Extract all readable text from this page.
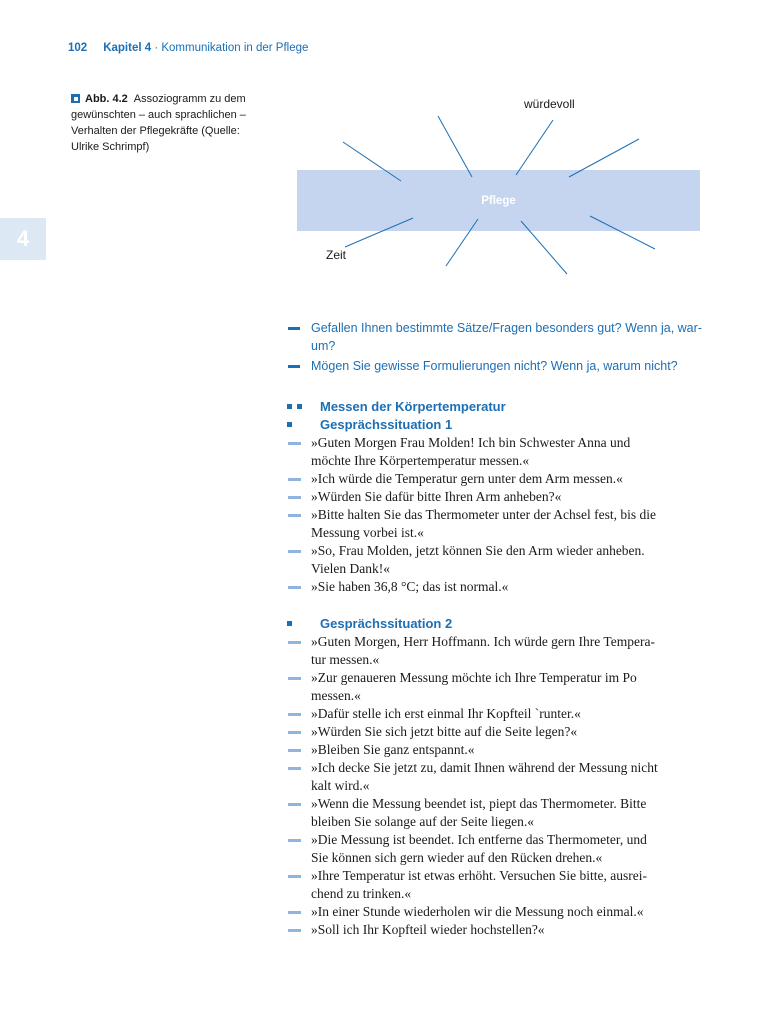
102 Kapitel 4 · Kommunikation in der Pflege
4
Abb. 4.2 Assoziogramm zu dem gewünschten – auch sprachlichen – Verhalten der Pflegekräfte (Quelle: Ulrike Schrimpf)
Pflege
würdevoll
Zeit
Gefallen Ihnen bestimmte Sätze/Fragen besonders gut? Wenn ja, war-
um?
Mögen Sie gewisse Formulierungen nicht? Wenn ja, warum nicht?
Messen der Körpertemperatur
Gesprächssituation 1
»Guten Morgen Frau Molden! Ich bin Schwester Anna und
möchte Ihre Körpertemperatur messen.«
»Ich würde die Temperatur gern unter dem Arm messen.«
»Würden Sie dafür bitte Ihren Arm anheben?«
»Bitte halten Sie das Thermometer unter der Achsel fest, bis die
Messung vorbei ist.«
»So, Frau Molden, jetzt können Sie den Arm wieder anheben.
Vielen Dank!«
»Sie haben 36,8 °C; das ist normal.«
Gesprächssituation 2
»Guten Morgen, Herr Hoffmann. Ich würde gern Ihre Tempera-
tur messen.«
»Zur genaueren Messung möchte ich Ihre Temperatur im Po
messen.«
»Dafür stelle ich erst einmal Ihr Kopfteil `runter.«
»Würden Sie sich jetzt bitte auf die Seite legen?«
»Bleiben Sie ganz entspannt.«
»Ich decke Sie jetzt zu, damit Ihnen während der Messung nicht
kalt wird.«
»Wenn die Messung beendet ist, piept das Thermometer. Bitte
bleiben Sie solange auf der Seite liegen.«
»Die Messung ist beendet. Ich entferne das Thermometer, und
Sie können sich gern wieder auf den Rücken drehen.«
»Ihre Temperatur ist etwas erhöht. Versuchen Sie bitte, ausrei-
chend zu trinken.«
»In einer Stunde wiederholen wir die Messung noch einmal.«
»Soll ich Ihr Kopfteil wieder hochstellen?«
